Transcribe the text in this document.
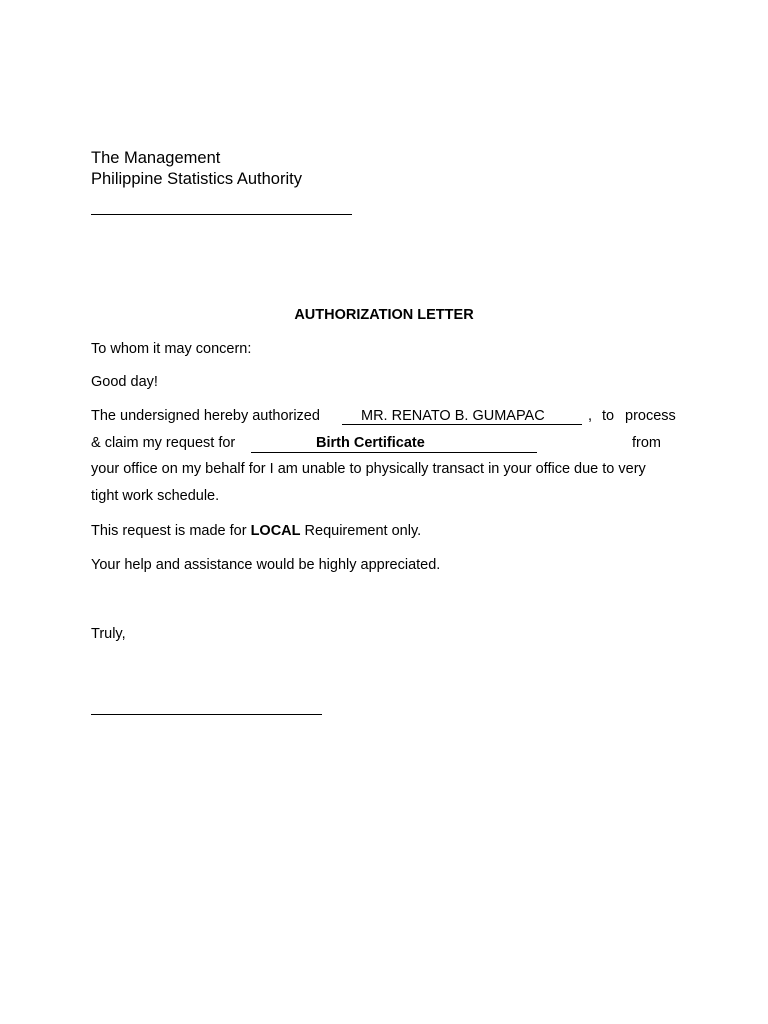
The Management
Philippine Statistics Authority
AUTHORIZATION LETTER
To whom it may concern:
Good day!
The undersigned hereby authorized	MR. RENATO B. GUMAPAC	, to process
& claim my request for	Birth Certificate	from
your office on my behalf for I am unable to physically transact in your office due to very
tight work schedule.
This request is made for LOCAL Requirement only.
Your help and assistance would be highly appreciated.
Truly,
